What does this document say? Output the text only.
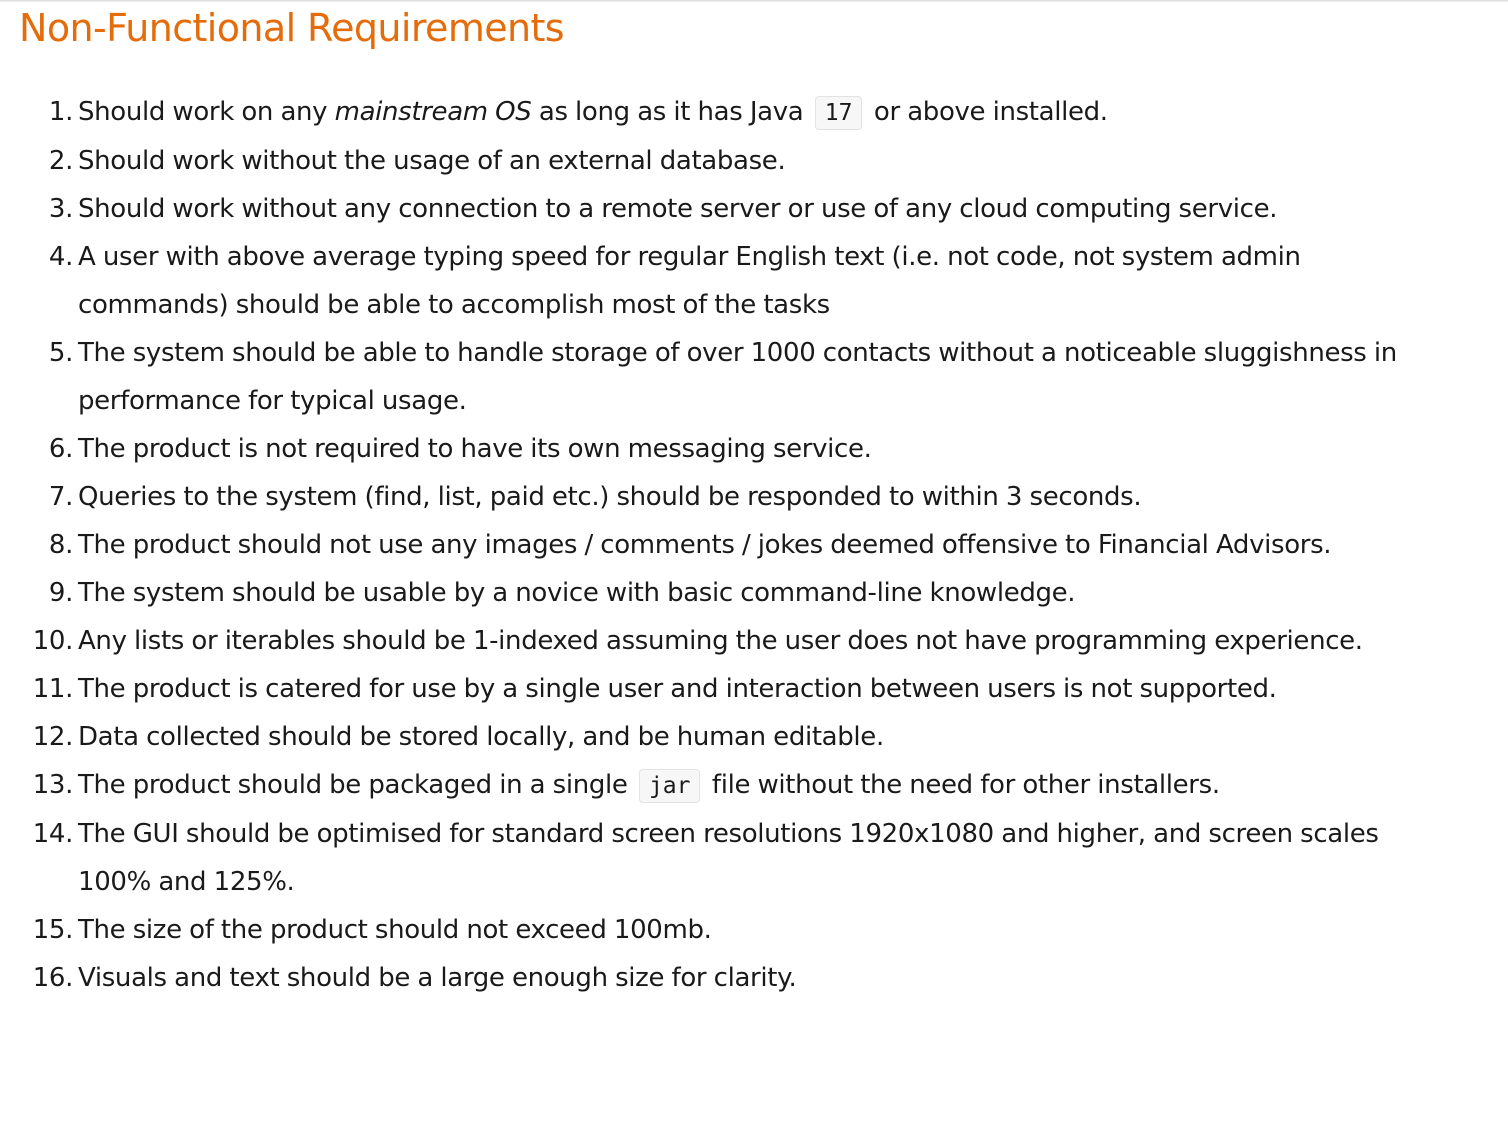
Non-Functional Requirements
1. Should work on any mainstream OS as long as it has Java 17 or above installed.
2. Should work without the usage of an external database.
3. Should work without any connection to a remote server or use of any cloud computing service.
4. A user with above average typing speed for regular English text (i.e. not code, not system admin commands) should be able to accomplish most of the tasks
5. The system should be able to handle storage of over 1000 contacts without a noticeable sluggishness in performance for typical usage.
6. The product is not required to have its own messaging service.
7. Queries to the system (find, list, paid etc.) should be responded to within 3 seconds.
8. The product should not use any images / comments / jokes deemed offensive to Financial Advisors.
9. The system should be usable by a novice with basic command-line knowledge.
10. Any lists or iterables should be 1-indexed assuming the user does not have programming experience.
11. The product is catered for use by a single user and interaction between users is not supported.
12. Data collected should be stored locally, and be human editable.
13. The product should be packaged in a single jar file without the need for other installers.
14. The GUI should be optimised for standard screen resolutions 1920x1080 and higher, and screen scales 100% and 125%.
15. The size of the product should not exceed 100mb.
16. Visuals and text should be a large enough size for clarity.
